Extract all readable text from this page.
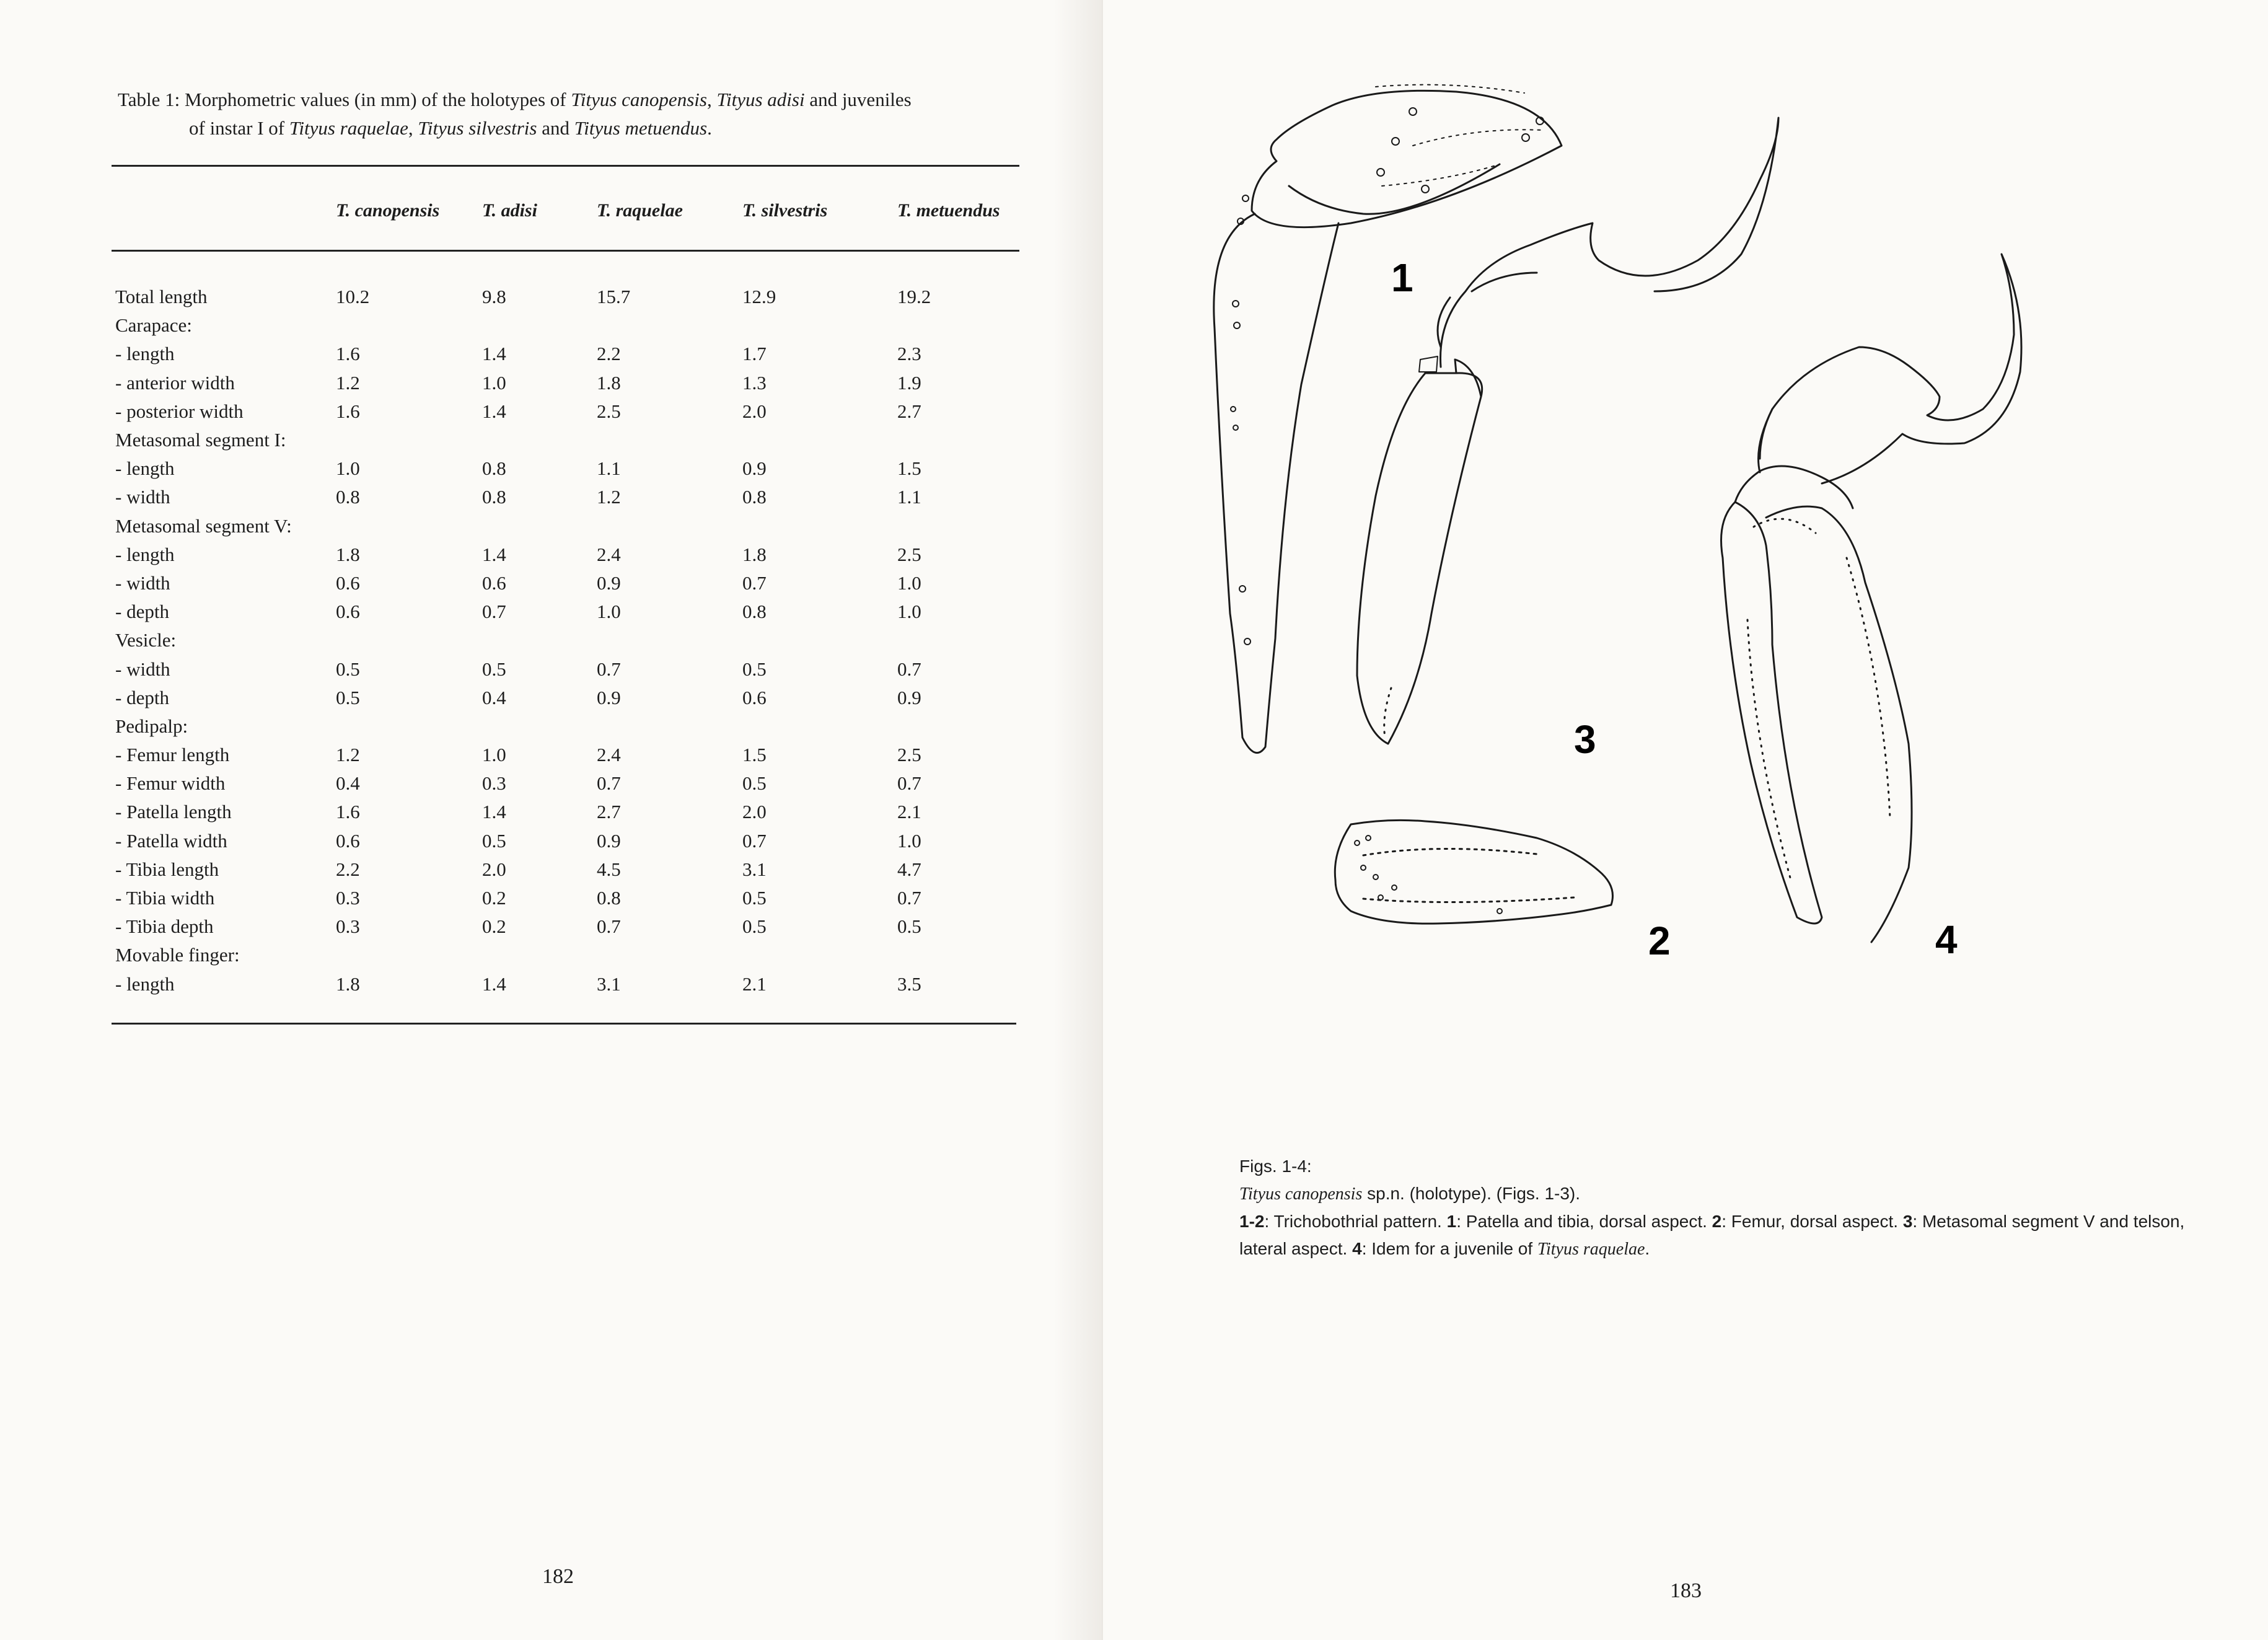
Table 1: Morphometric values (in mm) of the holotypes of Tityus canopensis, Tityus adisi and juveniles
of instar I of Tityus raquelae, Tityus silvestris and Tityus metuendus.
	T. canopensis	T. adisi	T. raquelae	T. silvestris	T. metuendus

Total length	10.2	9.8	15.7	12.9	19.2
Carapace:					
- length	1.6	1.4	2.2	1.7	2.3
- anterior width	1.2	1.0	1.8	1.3	1.9
- posterior width	1.6	1.4	2.5	2.0	2.7
Metasomal segment I:					
- length	1.0	0.8	1.1	0.9	1.5
- width	0.8	0.8	1.2	0.8	1.1
Metasomal segment V:					
- length	1.8	1.4	2.4	1.8	2.5
- width	0.6	0.6	0.9	0.7	1.0
- depth	0.6	0.7	1.0	0.8	1.0
Vesicle:					
- width	0.5	0.5	0.7	0.5	0.7
- depth	0.5	0.4	0.9	0.6	0.9
Pedipalp:					
- Femur length	1.2	1.0	2.4	1.5	2.5
- Femur width	0.4	0.3	0.7	0.5	0.7
- Patella length	1.6	1.4	2.7	2.0	2.1
- Patella width	0.6	0.5	0.9	0.7	1.0
- Tibia length	2.2	2.0	4.5	3.1	4.7
- Tibia width	0.3	0.2	0.8	0.5	0.7
- Tibia depth	0.3	0.2	0.7	0.5	0.5
Movable finger:					
- length	1.8	1.4	3.1	2.1	3.5
182
1
3
2	4
Figs. 1-4:
Tityus canopensis sp.n. (holotype). (Figs. 1-3).
1-2: Trichobothrial pattern. 1: Patella and tibia, dorsal aspect. 2: Femur, dorsal aspect. 3: Metasomal segment V and telson, lateral aspect. 4: Idem for a juvenile of Tityus raquelae.
183
